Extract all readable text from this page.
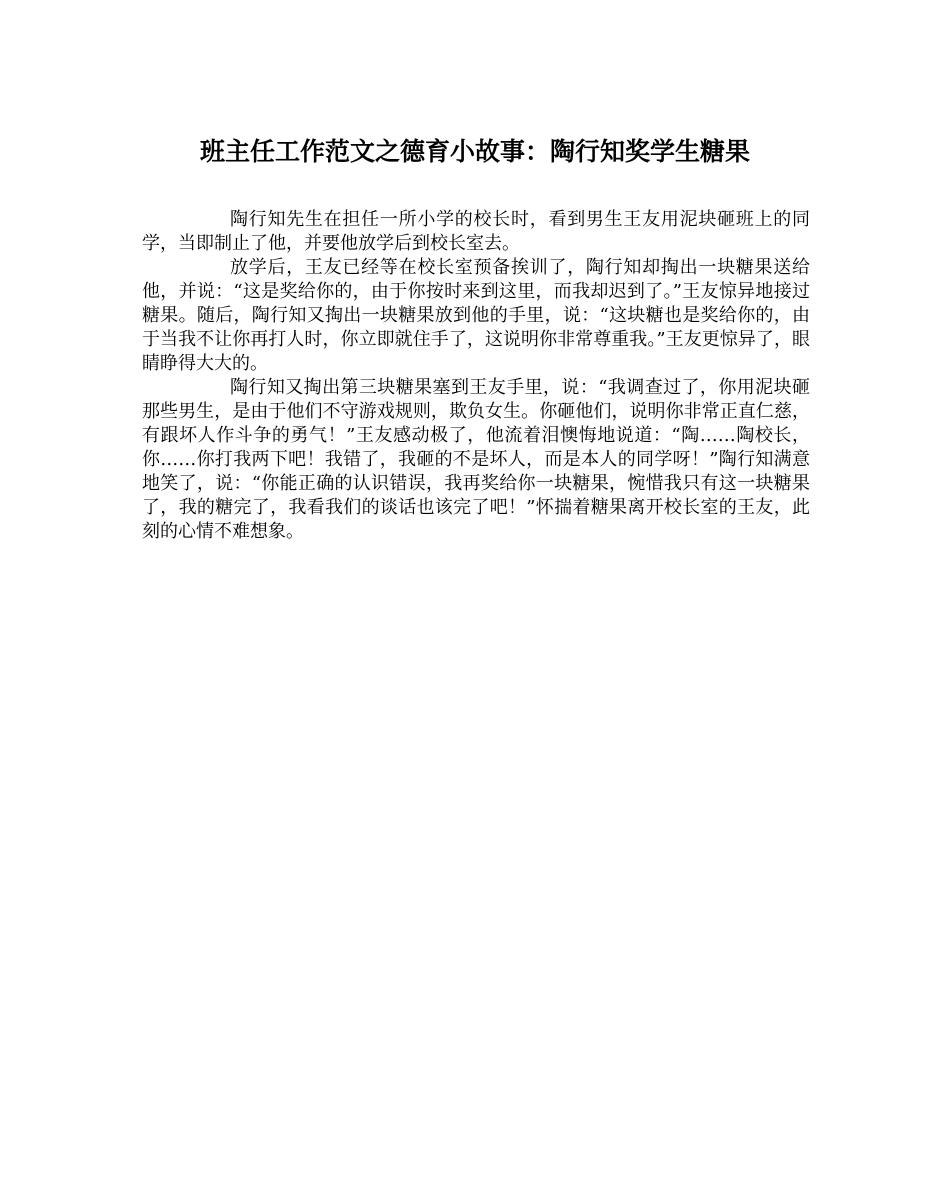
班主任工作范文之德育小故事：陶行知奖学生糖果

陶行知先生在担任一所小学的校长时，看到男生王友用泥块砸班上的同学，当即制止了他，并要他放学后到校长室去。

放学后，王友已经等在校长室预备挨训了，陶行知却掏出一块糖果送给他，并说：“这是奖给你的，由于你按时来到这里，而我却迟到了。”王友惊异地接过糖果。随后，陶行知又掏出一块糖果放到他的手里，说：“这块糖也是奖给你的，由于当我不让你再打人时，你立即就住手了，这说明你非常尊重我。”王友更惊异了，眼睛睁得大大的。

陶行知又掏出第三块糖果塞到王友手里，说：“我调查过了，你用泥块砸那些男生，是由于他们不守游戏规则，欺负女生。你砸他们，说明你非常正直仁慈，有跟坏人作斗争的勇气！”王友感动极了，他流着泪懊悔地说道：“陶……陶校长，你……你打我两下吧！我错了，我砸的不是坏人，而是本人的同学呀！”陶行知满意地笑了，说：“你能正确的认识错误，我再奖给你一块糖果，惋惜我只有这一块糖果了，我的糖完了，我看我们的谈话也该完了吧！”怀揣着糖果离开校长室的王友，此刻的心情不难想象。
